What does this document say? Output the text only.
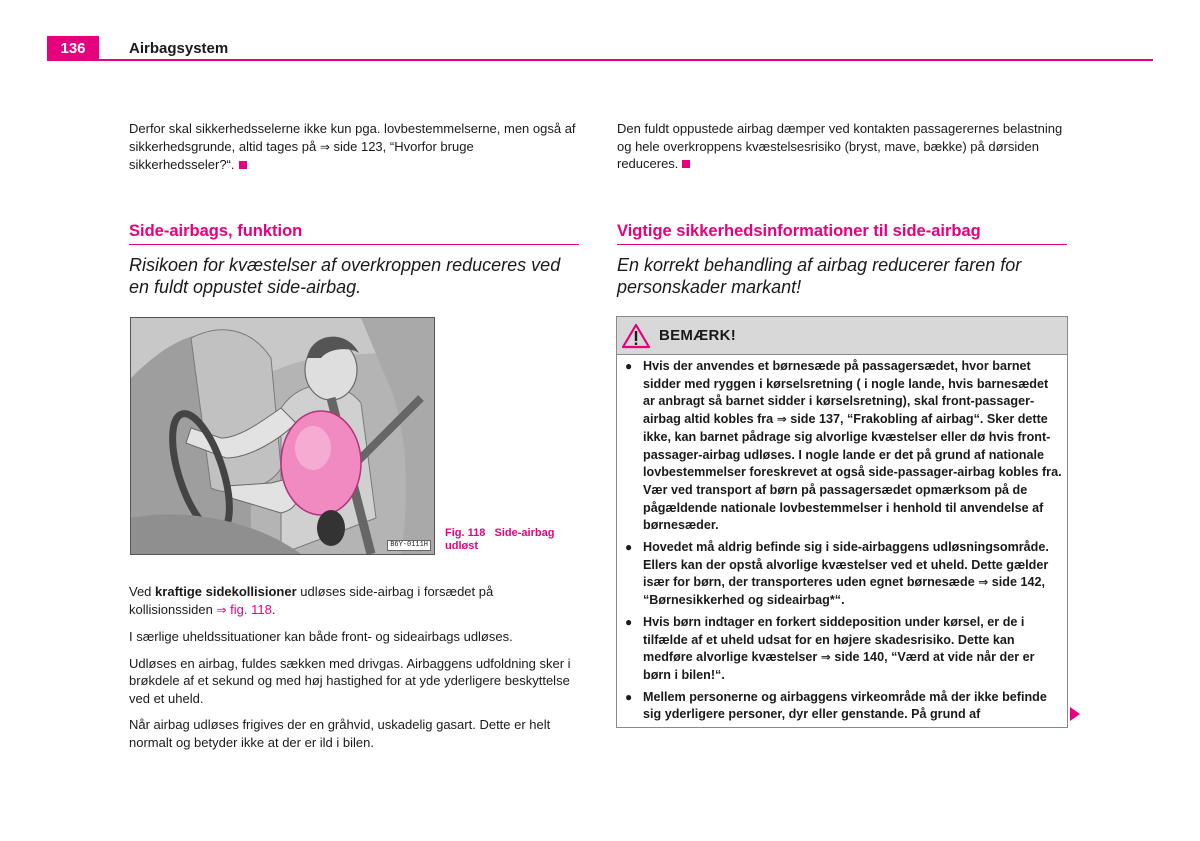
136	Airbagsystem

Derfor skal sikkerhedsselerne ikke kun pga. lovbestemmelserne, men også af sikkerhedsgrunde, altid tages på ⇒ side 123, “Hvorfor bruge sikkerhedsseler?“.

Side-airbags, funktion

Risikoen for kvæstelser af overkroppen reduceres ved en fuldt oppustet side-airbag.

B6Y-0111H
Fig. 118 Side-airbag udløst

Ved kraftige sidekollisioner udløses side-airbag i forsædet på kollisionssiden ⇒ fig. 118.

I særlige uheldssituationer kan både front- og sideairbags udløses.

Udløses en airbag, fuldes sækken med drivgas. Airbaggens udfoldning sker i brøkdele af et sekund og med høj hastighed for at yde yderligere beskyttelse ved et uheld.

Når airbag udløses frigives der en gråhvid, uskadelig gasart. Dette er helt normalt og betyder ikke at der er ild i bilen.

Den fuldt oppustede airbag dæmper ved kontakten passagerernes belastning og hele overkroppens kvæstelsesrisiko (bryst, mave, bække) på dørsiden reduceres.

Vigtige sikkerhedsinformationer til side-airbag

En korrekt behandling af airbag reducerer faren for personskader markant!

BEMÆRK!

● Hvis der anvendes et børnesæde på passagersædet, hvor barnet sidder med ryggen i kørselsretning ( i nogle lande, hvis barnesædet ar anbragt så barnet sidder i kørselsretning), skal front-passager-airbag altid kobles fra ⇒ side 137, “Frakobling af airbag“. Sker dette ikke, kan barnet pådrage sig alvorlige kvæstelser eller dø hvis front-passager-airbag udløses. I nogle lande er det på grund af nationale lovbestemmelser foreskrevet at også side-passager-airbag kobles fra. Vær ved transport af børn på passagersædet opmærksom på de pågældende nationale lovbestemmelser i henhold til anvendelse af børnesæder.

● Hovedet må aldrig befinde sig i side-airbaggens udløsningsområde. Ellers kan der opstå alvorlige kvæstelser ved et uheld. Dette gælder især for børn, der transporteres uden egnet børnesæde ⇒ side 142, “Børnesikkerhed og sideairbag*“.

● Hvis børn indtager en forkert siddeposition under kørsel, er de i tilfælde af et uheld udsat for en højere skadesrisiko. Dette kan medføre alvorlige kvæstelser ⇒ side 140, “Værd at vide når der er børn i bilen!“.

● Mellem personerne og airbaggens virkeområde må der ikke befinde sig yderligere personer, dyr eller genstande. På grund af
